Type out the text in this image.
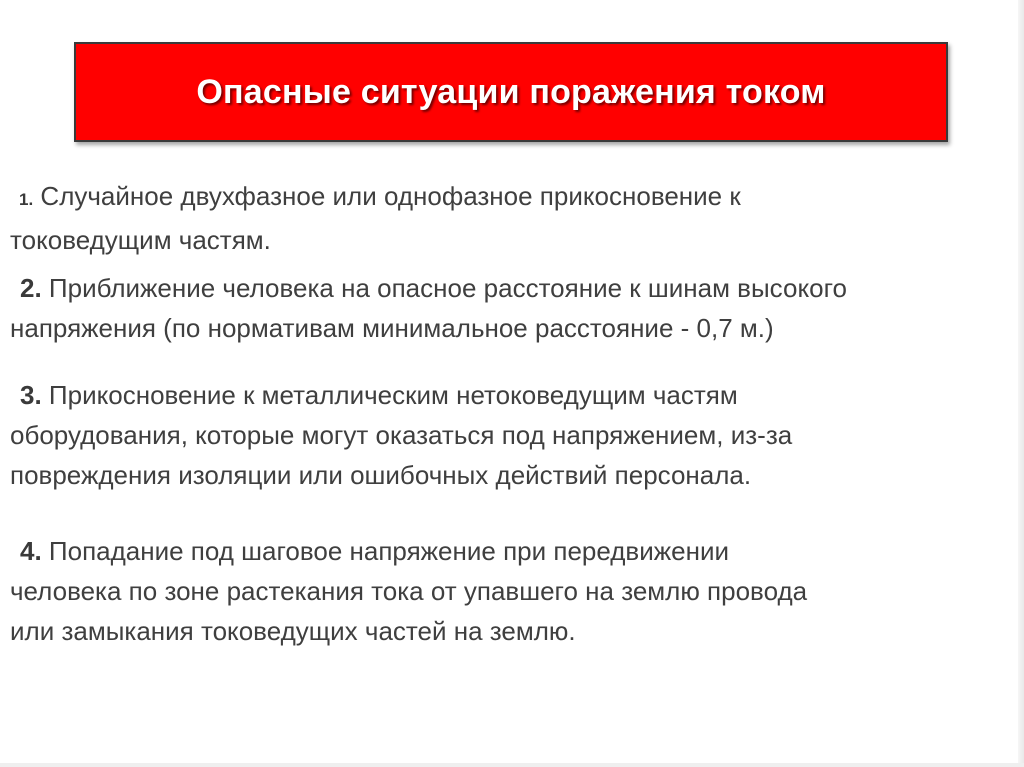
Опасные ситуации поражения током
1. Случайное двухфазное или однофазное прикосновение к
токоведущим частям.
2. Приближение человека на опасное расстояние к шинам высокого
напряжения (по нормативам минимальное расстояние - 0,7 м.)
3. Прикосновение к металлическим нетоковедущим частям
оборудования, которые могут оказаться под напряжением, из-за
повреждения изоляции или ошибочных действий персонала.
4. Попадание под шаговое напряжение при передвижении
человека по зоне растекания тока от упавшего на землю провода
или замыкания токоведущих частей на землю.
